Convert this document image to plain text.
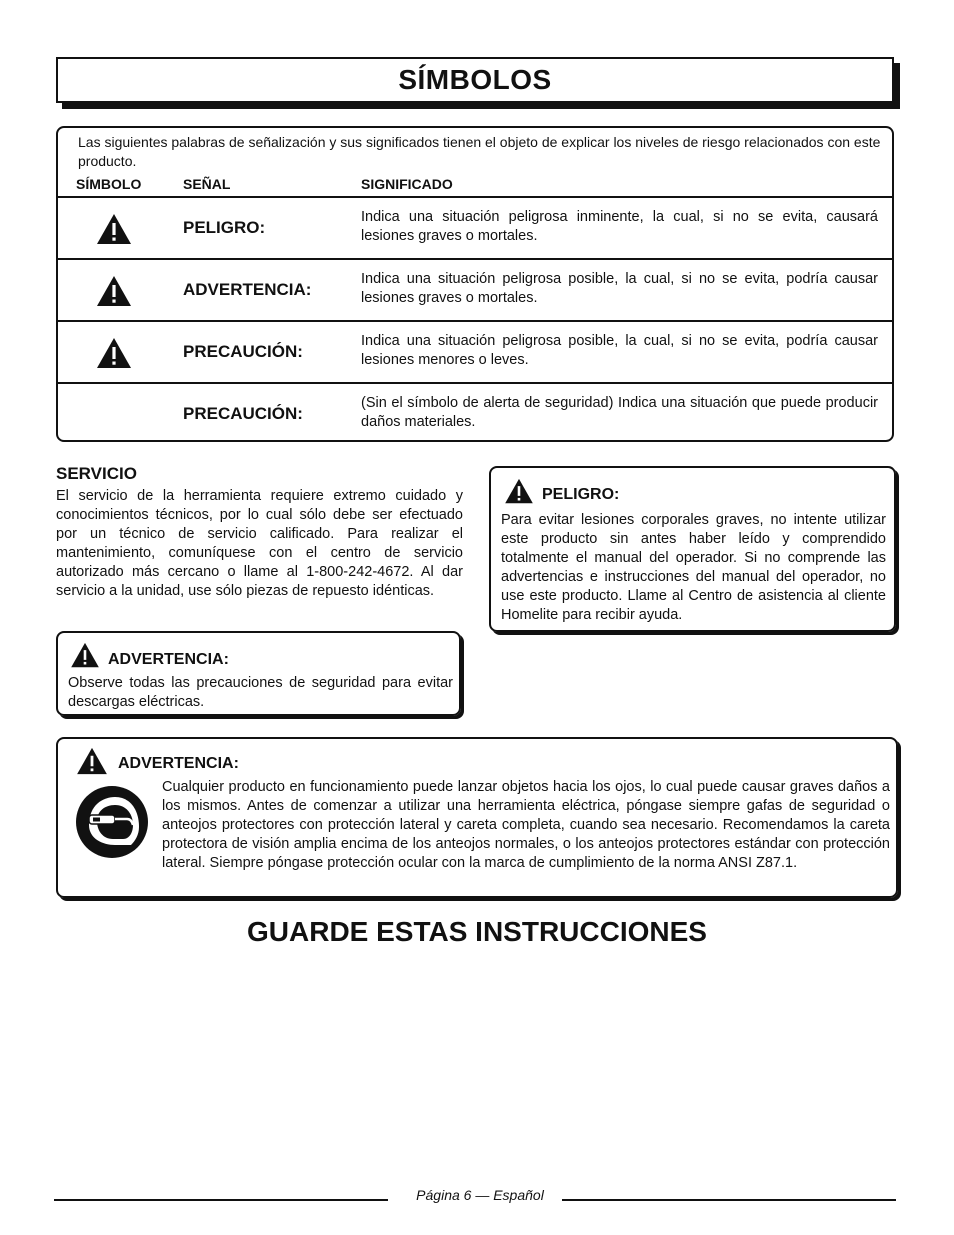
SÍMBOLOS
Las siguientes palabras de señalización y sus significados tienen el objeto de explicar los niveles de riesgo relacionados con este producto.
SÍMBOLO	SEÑAL	SIGNIFICADO
PELIGRO:
Indica una situación peligrosa inminente, la cual, si no se evita, causará lesiones graves o mortales.
ADVERTENCIA:
Indica una situación peligrosa posible, la cual, si no se evita, podría causar lesiones graves o mortales.
PRECAUCIÓN:
Indica una situación peligrosa posible, la cual, si no se evita, podría causar lesiones menores o leves.
PRECAUCIÓN:
(Sin el símbolo de alerta de seguridad) Indica una situación que puede producir daños materiales.
SERVICIO
El servicio de la herramienta requiere extremo cuidado y conocimientos técnicos, por lo cual sólo debe ser efectuado por un técnico de servicio calificado. Para realizar el mantenimiento, comuníquese con el centro de servicio autorizado más cercano o llame al 1-800-242-4672. Al dar servicio a la unidad, use sólo piezas de repuesto idénticas.
PELIGRO:
Para evitar lesiones corporales graves, no intente utilizar este producto sin antes haber leído y comprendido totalmente el manual del operador. Si no comprende las advertencias e instrucciones del manual del operador, no use este producto. Llame al Centro de asistencia al cliente Homelite para recibir ayuda.
ADVERTENCIA:
Observe todas las precauciones de seguridad para evitar descargas eléctricas.
ADVERTENCIA:
Cualquier producto en funcionamiento puede lanzar objetos hacia los ojos, lo cual puede causar graves daños a los mismos. Antes de comenzar a utilizar una herramienta eléctrica, póngase siempre gafas de seguridad o anteojos protectores con protección lateral y careta completa, cuando sea necesario. Recomendamos la careta protectora de visión amplia encima de los anteojos normales, o los anteojos protectores estándar con protección lateral. Siempre póngase protección ocular con la marca de cumplimiento de la norma ANSI Z87.1.
GUARDE ESTAS INSTRUCCIONES
Página 6 — Español
